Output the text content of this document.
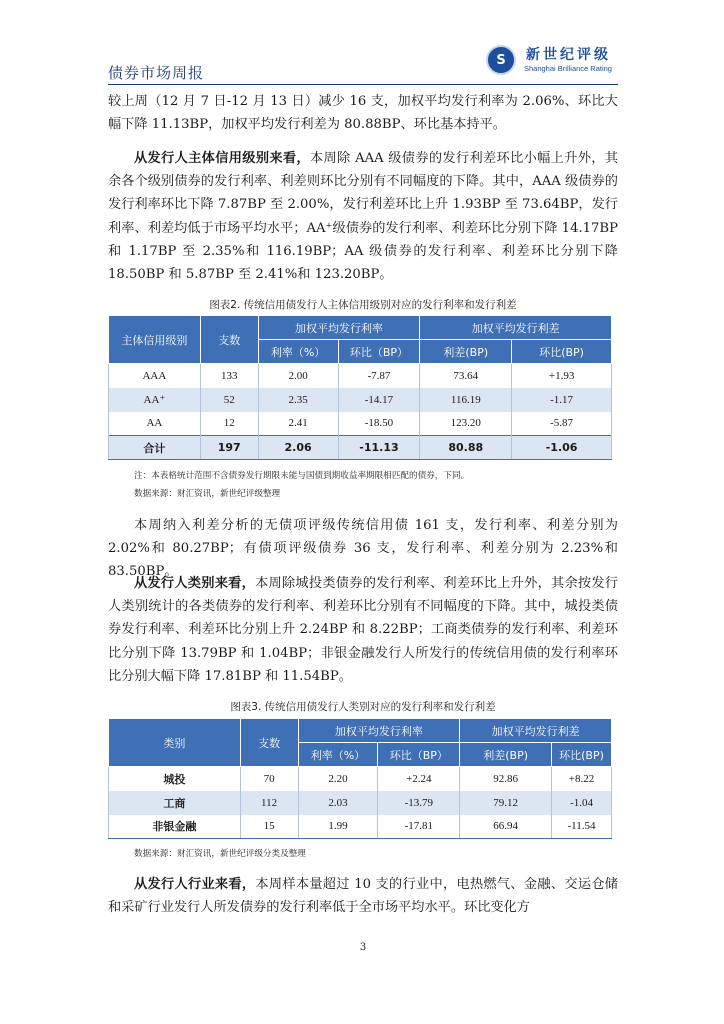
债券市场周报
S	新世纪评级
Shanghai Brilliance Rating

较上周（12 月 7 日-12 月 13 日）减少 16 支，加权平均发行利率为 2.06%、环比大幅下降 11.13BP，加权平均发行利差为 80.88BP、环比基本持平。

从发行人主体信用级别来看，本周除 AAA 级债券的发行利差环比小幅上升外，其余各个级别债券的发行利率、利差则环比分别有不同幅度的下降。其中，AAA 级债券的发行利率环比下降 7.87BP 至 2.00%，发行利差环比上升 1.93BP 至 73.64BP，发行利率、利差均低于市场平均水平；AA⁺级债券的发行利率、利差环比分别下降 14.17BP 和 1.17BP 至 2.35%和 116.19BP；AA 级债券的发行利率、利差环比分别下降 18.50BP 和 5.87BP 至 2.41%和 123.20BP。

图表2. 传统信用债发行人主体信用级别对应的发行利率和发行利差
主体信用级别	支数	加权平均发行利率		加权平均发行利差	
		利率（%）	环比（BP）	利差(BP)	环比(BP)
AAA	133	2.00	-7.87	73.64	+1.93
AA⁺	52	2.35	-14.17	116.19	-1.17
AA	12	2.41	-18.50	123.20	-5.87
合计	197	2.06	-11.13	80.88	-1.06
注：本表格统计范围不含债券发行期限未能与国债到期收益率期限相匹配的债券，下同。
数据来源：财汇资讯，新世纪评级整理

本周纳入利差分析的无债项评级传统信用债 161 支，发行利率、利差分别为 2.02%和 80.27BP；有债项评级债券 36 支，发行利率、利差分别为 2.23%和 83.50BP。

从发行人类别来看，本周除城投类债券的发行利率、利差环比上升外，其余按发行人类别统计的各类债券的发行利率、利差环比分别有不同幅度的下降。其中，城投类债券发行利率、利差环比分别上升 2.24BP 和 8.22BP；工商类债券的发行利率、利差环比分别下降 13.79BP 和 1.04BP；非银金融发行人所发行的传统信用债的发行利率环比分别大幅下降 17.81BP 和 11.54BP。

图表3. 传统信用债发行人类别对应的发行利率和发行利差
类别	支数	加权平均发行利率		加权平均发行利差	
		利率（%）	环比（BP）	利差(BP)	环比(BP)
城投	70	2.20	+2.24	92.86	+8.22
工商	112	2.03	-13.79	79.12	-1.04
非银金融	15	1.99	-17.81	66.94	-11.54
数据来源：财汇资讯，新世纪评级分类及整理

从发行人行业来看，本周样本量超过 10 支的行业中，电热燃气、金融、交运仓储和采矿行业发行人所发债券的发行利率低于全市场平均水平。环比变化方

3
